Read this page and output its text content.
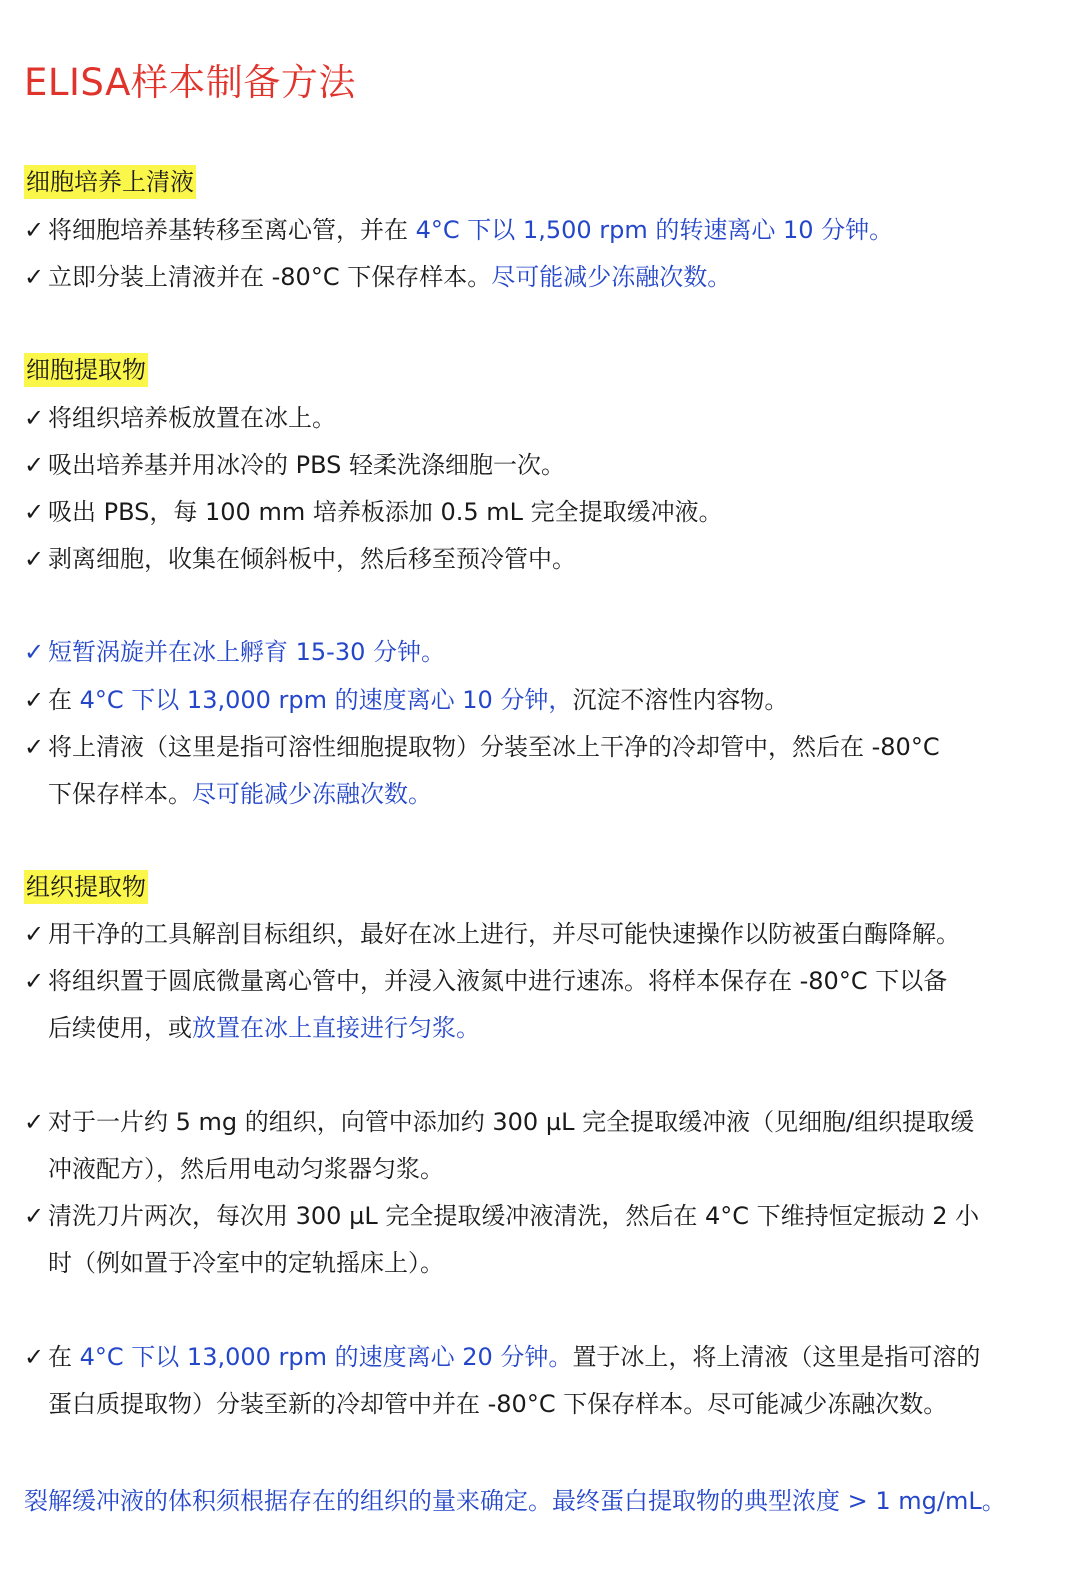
ELISA样本制备方法
细胞培养上清液
✓ 将细胞培养基转移至离心管，并在 4°C 下以 1,500 rpm 的转速离心 10 分钟。
✓ 立即分装上清液并在 -80°C 下保存样本。尽可能减少冻融次数。
细胞提取物
✓ 将组织培养板放置在冰上。
✓ 吸出培养基并用冰冷的 PBS 轻柔洗涤细胞一次。
✓ 吸出 PBS，每 100 mm 培养板添加 0.5 mL 完全提取缓冲液。
✓ 剥离细胞，收集在倾斜板中，然后移至预冷管中。
✓ 短暂涡旋并在冰上孵育 15-30 分钟。
✓ 在 4°C 下以 13,000 rpm 的速度离心 10 分钟，沉淀不溶性内容物。
✓ 将上清液（这里是指可溶性细胞提取物）分装至冰上干净的冷却管中，然后在 -80°C
下保存样本。尽可能减少冻融次数。
组织提取物
✓ 用干净的工具解剖目标组织，最好在冰上进行，并尽可能快速操作以防被蛋白酶降解。
✓ 将组织置于圆底微量离心管中，并浸入液氮中进行速冻。将样本保存在 -80°C 下以备
后续使用，或放置在冰上直接进行匀浆。
✓ 对于一片约 5 mg 的组织，向管中添加约 300 µL 完全提取缓冲液（见细胞/组织提取缓
冲液配方），然后用电动匀浆器匀浆。
✓ 清洗刀片两次，每次用 300 µL 完全提取缓冲液清洗，然后在 4°C 下维持恒定振动 2 小
时（例如置于冷室中的定轨摇床上）。
✓ 在 4°C 下以 13,000 rpm 的速度离心 20 分钟。置于冰上，将上清液（这里是指可溶的
蛋白质提取物）分装至新的冷却管中并在 -80°C 下保存样本。尽可能减少冻融次数。
裂解缓冲液的体积须根据存在的组织的量来确定。最终蛋白提取物的典型浓度 > 1 mg/mL。
